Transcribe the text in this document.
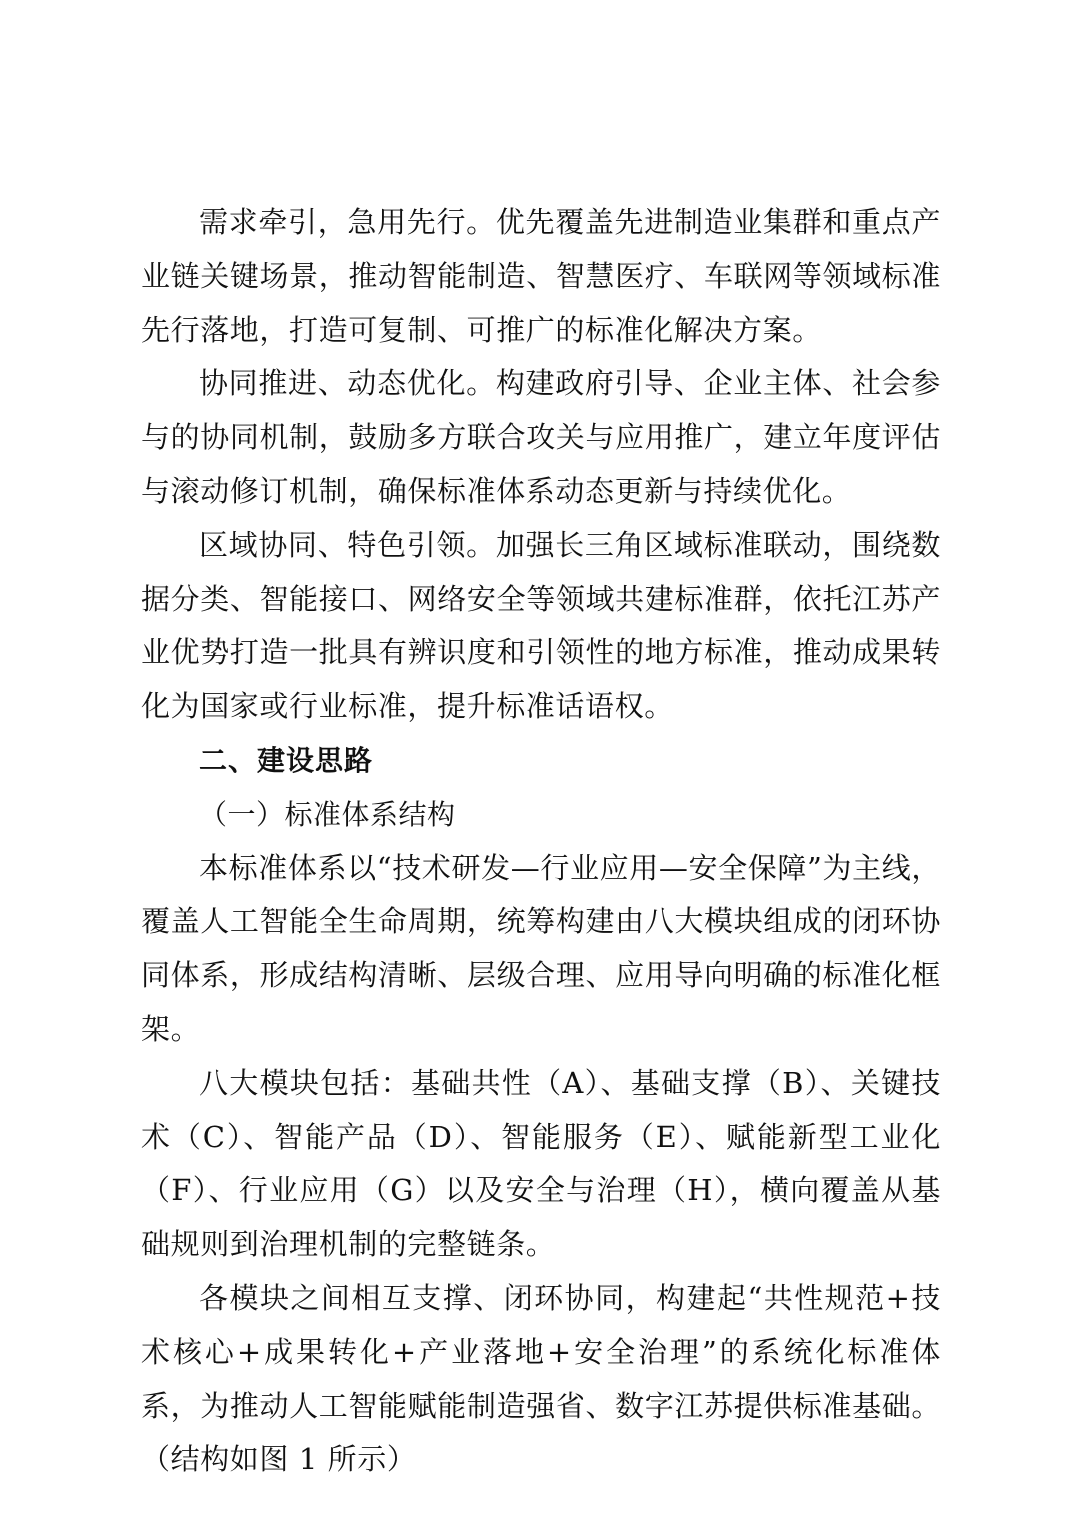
需求牵引，急用先行。优先覆盖先进制造业集群和重点产业链关键场景，推动智能制造、智慧医疗、车联网等领域标准先行落地，打造可复制、可推广的标准化解决方案。

协同推进、动态优化。构建政府引导、企业主体、社会参与的协同机制，鼓励多方联合攻关与应用推广，建立年度评估与滚动修订机制，确保标准体系动态更新与持续优化。

区域协同、特色引领。加强长三角区域标准联动，围绕数据分类、智能接口、网络安全等领域共建标准群，依托江苏产业优势打造一批具有辨识度和引领性的地方标准，推动成果转化为国家或行业标准，提升标准话语权。

二、建设思路

（一）标准体系结构

本标准体系以“技术研发—行业应用—安全保障”为主线，覆盖人工智能全生命周期，统筹构建由八大模块组成的闭环协同体系，形成结构清晰、层级合理、应用导向明确的标准化框架。

八大模块包括：基础共性（A）、基础支撑（B）、关键技术（C）、智能产品（D）、智能服务（E）、赋能新型工业化（F）、行业应用（G）以及安全与治理（H），横向覆盖从基础规则到治理机制的完整链条。

各模块之间相互支撑、闭环协同，构建起“共性规范+技术核心+成果转化+产业落地+安全治理”的系统化标准体系，为推动人工智能赋能制造强省、数字江苏提供标准基础。（结构如图 1 所示）
